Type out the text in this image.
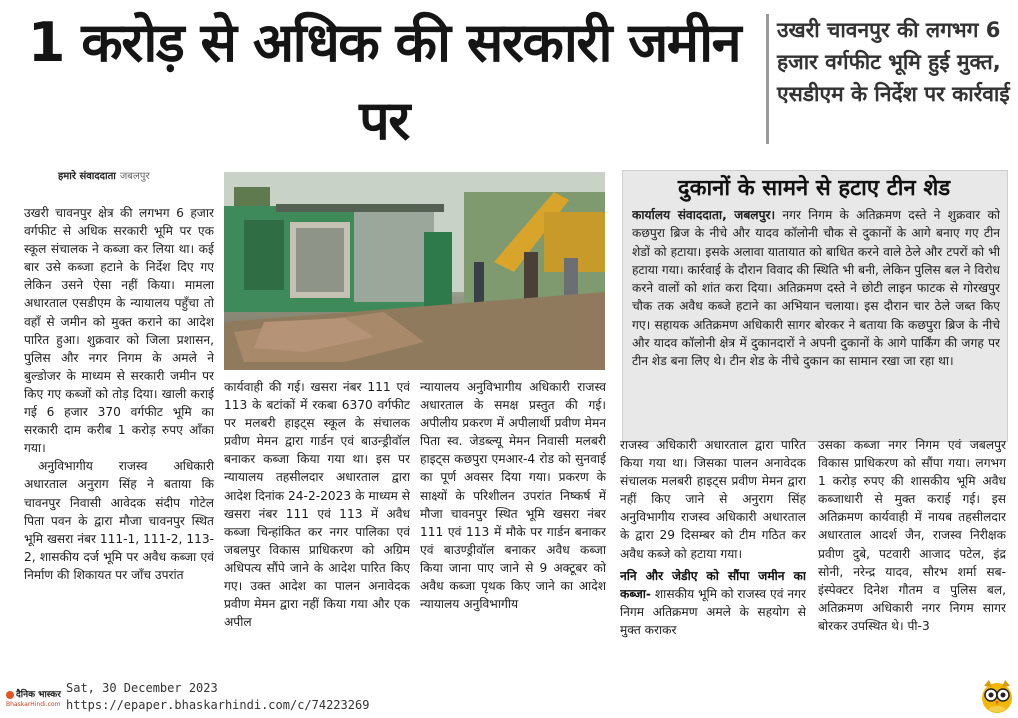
1 करोड़ से अधिक की सरकारी जमीन पर
उखरी चावनपुर की लगभग 6 हजार वर्गफीट भूमि हुई मुक्त, एसडीएम के निर्देश पर कार्रवाई
हमारे संवाददाता जबलपुर

उखरी चावनपुर क्षेत्र की लगभग 6 हजार वर्गफीट से अधिक सरकारी भूमि पर एक स्कूल संचालक ने कब्जा कर लिया था। कई बार उसे कब्जा हटाने के निर्देश दिए गए लेकिन उसने ऐसा नहीं किया। मामला अधारताल एसडीएम के न्यायालय पहुँचा तो वहाँ से जमीन को मुक्त कराने का आदेश पारित हुआ। शुक्रवार को जिला प्रशासन, पुलिस और नगर निगम के अमले ने बुल्डोजर के माध्यम से सरकारी जमीन पर किए गए कब्जों को तोड़ दिया। खाली कराई गई 6 हजार 370 वर्गफीट भूमि का सरकारी दाम करीब 1 करोड़ रुपए आँका गया।

अनुविभागीय राजस्व अधिकारी अधारताल अनुराग सिंह ने बताया कि चावनपुर निवासी आवेदक संदीप गोटेल पिता पवन के द्वारा मौजा चावनपुर स्थित भूमि खसरा नंबर 111-1, 111-2, 113-2, शासकीय दर्ज भूमि पर अवैध कब्जा एवं निर्माण की शिकायत पर जाँच उपरांत

कार्यवाही की गई। खसरा नंबर 111 एवं 113 के बटांकों में रकबा 6370 वर्गफीट पर मलबरी हाइट्स स्कूल के संचालक प्रवीण मेमन द्वारा गार्डन एवं बाउन्ड्रीवॉल बनाकर कब्जा किया गया था। इस पर न्यायालय तहसीलदार अधारताल द्वारा आदेश दिनांक 24-2-2023 के माध्यम से खसरा नंबर 111 एवं 113 में अवैध कब्जा चिन्हांकित कर नगर पालिका एवं जबलपुर विकास प्राधिकरण को अग्रिम अधिपत्य सौंपे जाने के आदेश पारित किए गए। उक्त आदेश का पालन अनावेदक प्रवीण मेमन द्वारा नहीं किया गया और एक अपील
न्यायालय अनुविभागीय अधिकारी राजस्व अधारताल के समक्ष प्रस्तुत की गई। अपीलीय प्रकरण में अपीलार्थी प्रवीण मेमन पिता स्व. जेडब्ल्यू मेमन निवासी मलबरी हाइट्स कछपुरा एमआर-4 रोड को सुनवाई का पूर्ण अवसर दिया गया। प्रकरण के साक्ष्यों के परिशीलन उपरांत निष्कर्ष में मौजा चावनपुर स्थित भूमि खसरा नंबर 111 एवं 113 में मौके पर गार्डन बनाकर एवं बाउण्ड्रीवॉल बनाकर अवैध कब्जा किया जाना पाए जाने से 9 अक्टूबर को अवैध कब्जा पृथक किए जाने का आदेश न्यायालय अनुविभागीय
दुकानों के सामने से हटाए टीन शेड
कार्यालय संवाददाता, जबलपुर। नगर निगम के अतिक्रमण दस्ते ने शुक्रवार को कछपुरा ब्रिज के नीचे और यादव कॉलोनी चौक से दुकानों के आगे बनाए गए टीन शेडों को हटाया। इसके अलावा यातायात को बाधित करने वाले ठेले और टपरों को भी हटाया गया। कार्रवाई के दौरान विवाद की स्थिति भी बनी, लेकिन पुलिस बल ने विरोध करने वालों को शांत करा दिया। अतिक्रमण दस्ते ने छोटी लाइन फाटक से गोरखपुर चौक तक अवैध कब्जे हटाने का अभियान चलाया। इस दौरान चार ठेले जब्त किए गए। सहायक अतिक्रमण अधिकारी सागर बोरकर ने बताया कि कछपुरा ब्रिज के नीचे और यादव कॉलोनी क्षेत्र में दुकानदारों ने अपनी दुकानों के आगे पार्किंग की जगह पर टीन शेड बना लिए थे। टीन शेड के नीचे दुकान का सामान रखा जा रहा था।

राजस्व अधिकारी अधारताल द्वारा पारित किया गया था। जिसका पालन अनावेदक संचालक मलबरी हाइट्स प्रवीण मेमन द्वारा नहीं किए जाने से अनुराग सिंह अनुविभागीय राजस्व अधिकारी अधारताल के द्वारा 29 दिसम्बर को टीम गठित कर अवैध कब्जे को हटाया गया।

ननि और जेडीए को सौंपा जमीन का कब्जा- शासकीय भूमि को राजस्व एवं नगर निगम अतिक्रमण अमले के सहयोग से मुक्त कराकर

उसका कब्जा नगर निगम एवं जबलपुर विकास प्राधिकरण को सौंपा गया। लगभग 1 करोड़ रुपए की शासकीय भूमि अवैध कब्जाधारी से मुक्त कराई गई। इस अतिक्रमण कार्यवाही में नायब तहसीलदार अधारताल आदर्श जैन, राजस्व निरीक्षक प्रवीण दुबे, पटवारी आजाद पटेल, इंद्र सोनी, नरेन्द्र यादव, सौरभ शर्मा सब-इंस्पेक्टर दिनेश गौतम व पुलिस बल, अतिक्रमण अधिकारी नगर निगम सागर बोरकर उपस्थित थे। पी-3
दैनिक भास्कर
BhaskarHindi.com
Sat, 30 December 2023
https://epaper.bhaskarhindi.com/c/74223269
